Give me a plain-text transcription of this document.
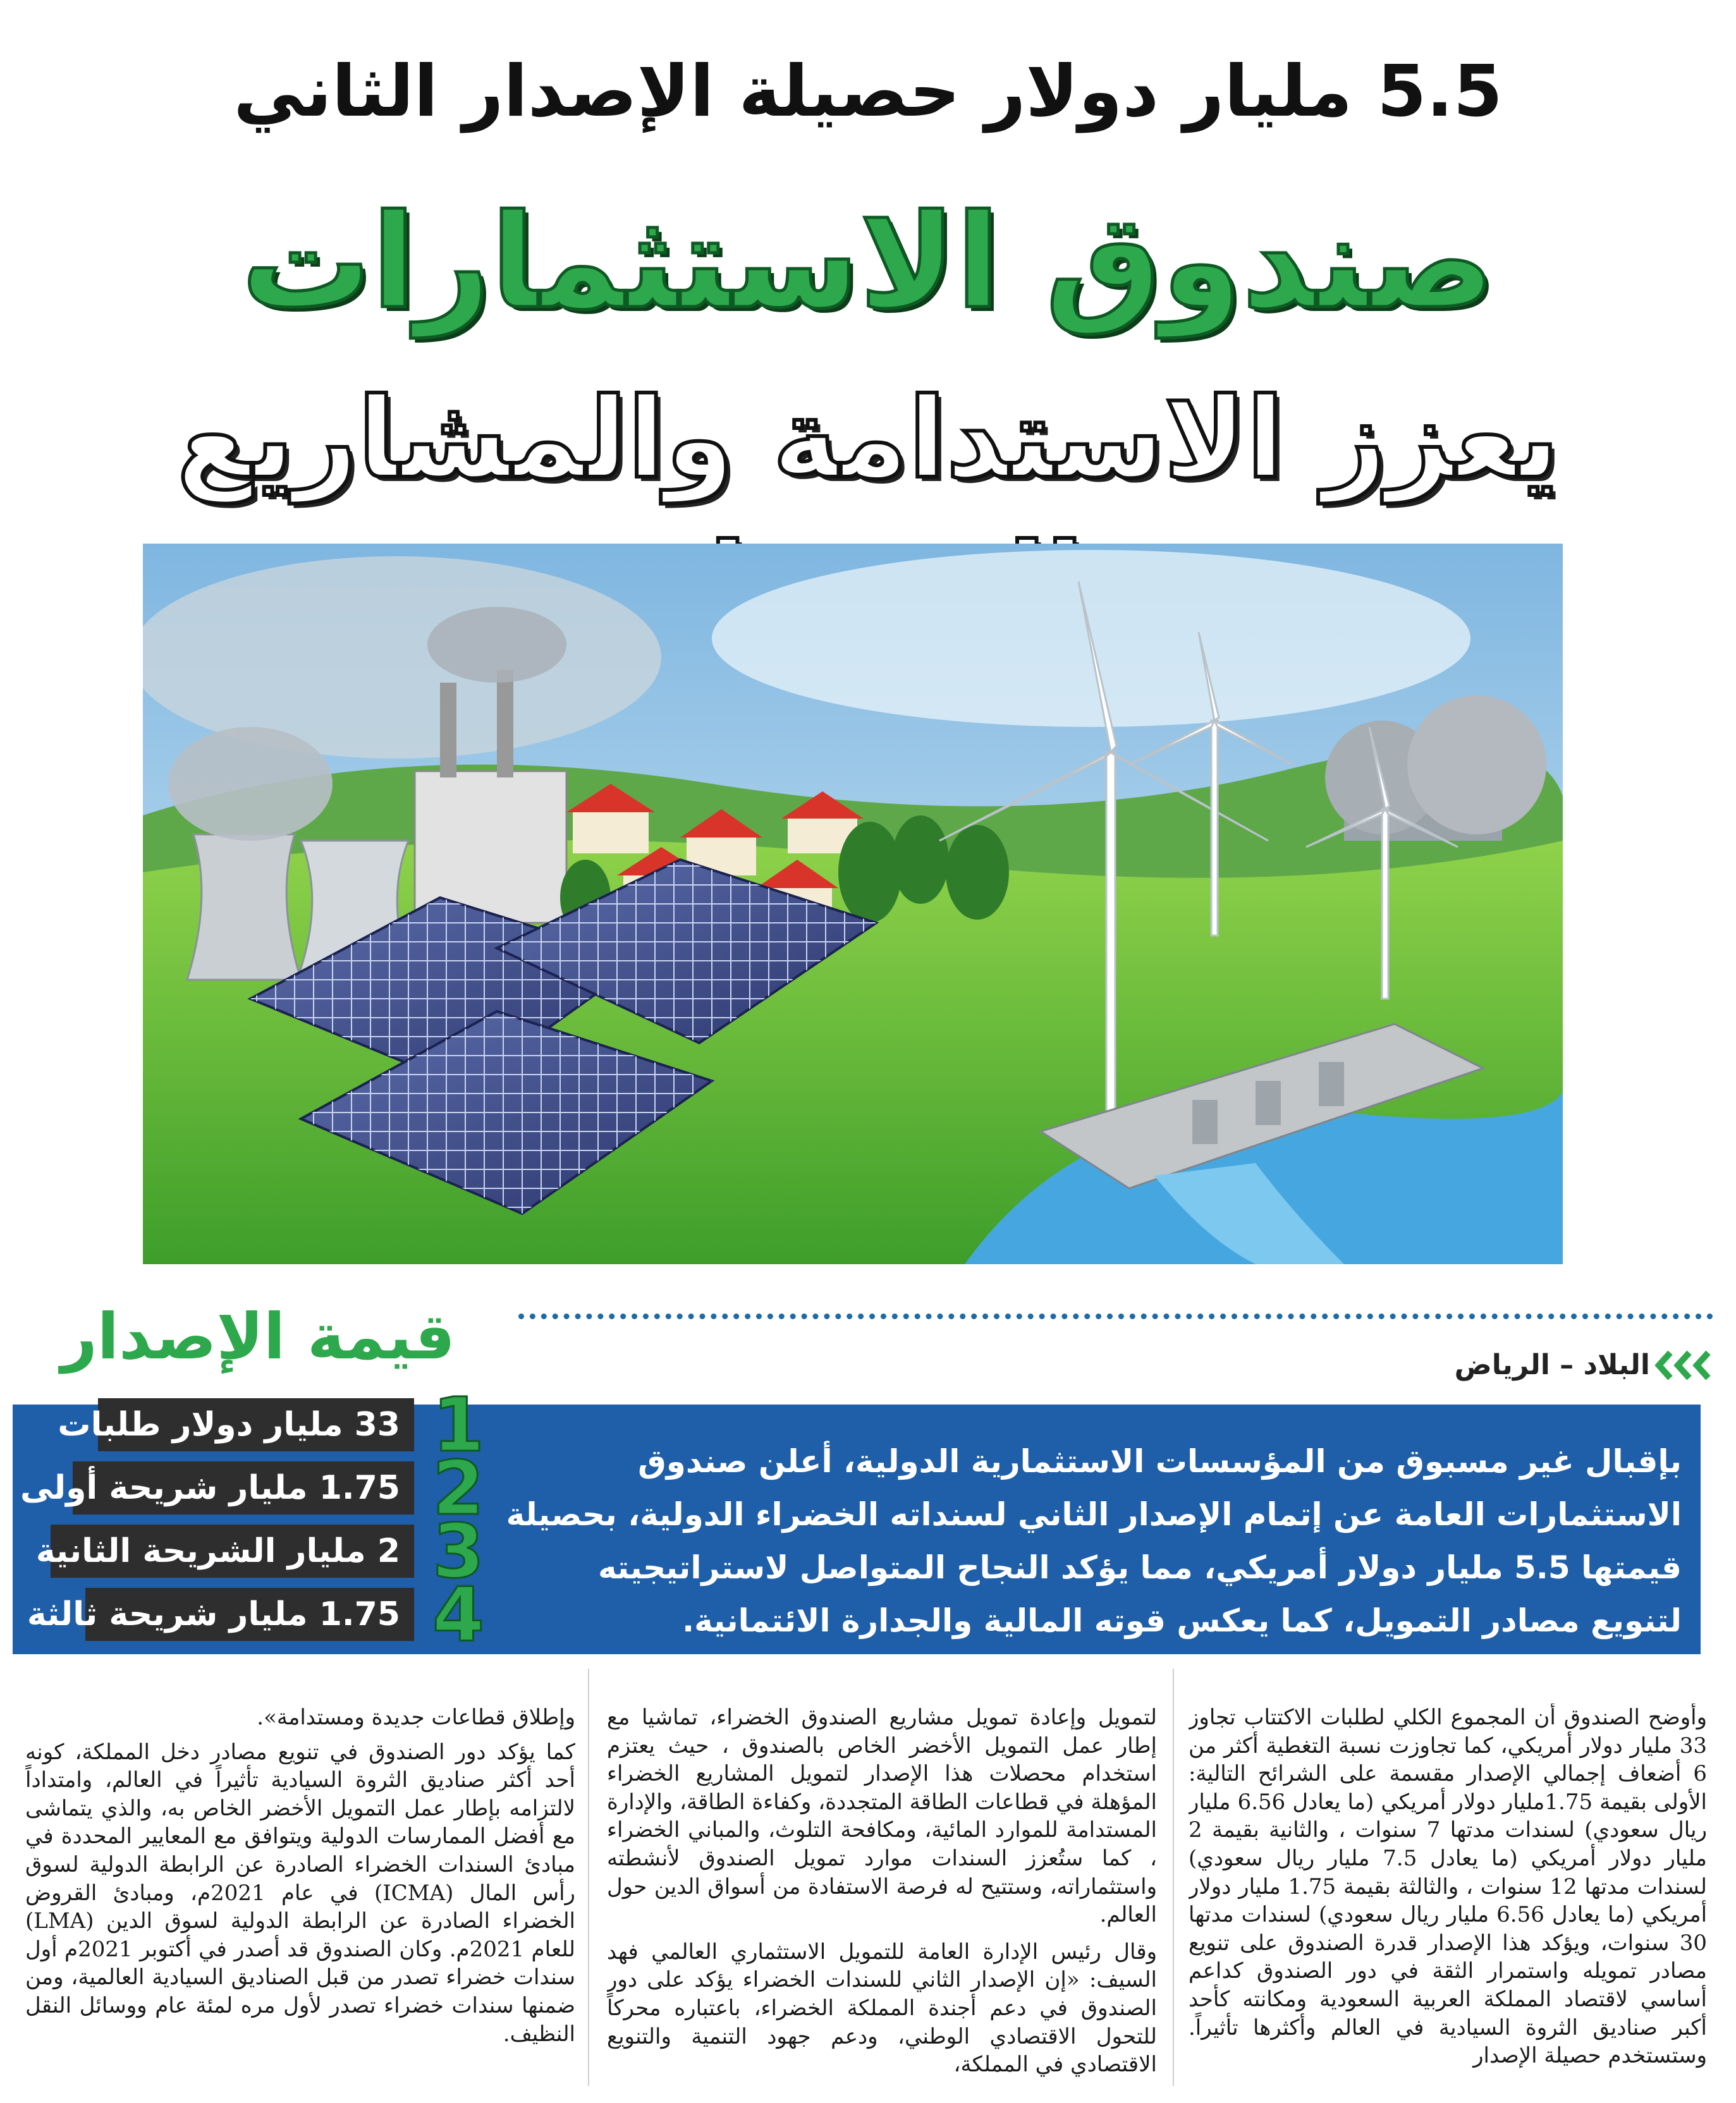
5.5 مليار دولار حصيلة الإصدار الثاني
صندوق الاستثمارات
يعزز الاستدامة والمشاريع
قيمة الإصدار	البلاد – الرياض
بإقبال غير مسبوق من المؤسسات الاستثمارية الدولية، أعلن صندوق الاستثمارات العامة عن إتمام الإصدار الثاني لسنداته الخضراء الدولية، بحصيلة قيمتها 5.5 مليار دولار أمريكي، مما يؤكد النجاح المتواصل لاستراتيجيته لتنويع مصادر التمويل، كما يعكس قوته المالية والجدارة الائتمانية.
33 مليار دولار طلبات 1
1.75 مليار شريحة أولى 2
2 مليار الشريحة الثانية 3
1.75 مليار شريحة ثالثة 4

وأوضح الصندوق أن المجموع الكلي لطلبات الاكتتاب تجاوز 33 مليار دولار أمريكي، كما تجاوزت نسبة التغطية أكثر من 6 أضعاف إجمالي الإصدار مقسمة على الشرائح التالية: الأولى بقيمة 1.75مليار دولار أمريكي (ما يعادل 6.56 مليار ريال سعودي) لسندات مدتها 7 سنوات ، والثانية بقيمة 2 مليار دولار أمريكي (ما يعادل 7.5 مليار ريال سعودي) لسندات مدتها 12 سنوات ، والثالثة بقيمة 1.75 مليار دولار أمريكي (ما يعادل 6.56 مليار ريال سعودي) لسندات مدتها 30 سنوات، ويؤكد هذا الإصدار قدرة الصندوق على تنويع مصادر تمويله واستمرار الثقة في دور الصندوق كداعم أساسي لاقتصاد المملكة العربية السعودية ومكانته كأحد أكبر صناديق الثروة السيادية في العالم وأكثرها تأثيراً. وستستخدم حصيلة الإصدار

لتمويل وإعادة تمويل مشاريع الصندوق الخضراء، تماشيا مع إطار عمل التمويل الأخضر الخاص بالصندوق ، حيث يعتزم استخدام محصلات هذا الإصدار لتمويل المشاريع الخضراء المؤهلة في قطاعات الطاقة المتجددة، وكفاءة الطاقة، والإدارة المستدامة للموارد المائية، ومكافحة التلوث، والمباني الخضراء ، كما ستُعزز السندات موارد تمويل الصندوق لأنشطته واستثماراته، وستتيح له فرصة الاستفادة من أسواق الدين حول العالم.

وقال رئيس الإدارة العامة للتمويل الاستثماري العالمي فهد السيف: «إن الإصدار الثاني للسندات الخضراء يؤكد على دور الصندوق في دعم أجندة المملكة الخضراء، باعتباره محركاً للتحول الاقتصادي الوطني، ودعم جهود التنمية والتنويع الاقتصادي في المملكة،

وإطلاق قطاعات جديدة ومستدامة».

كما يؤكد دور الصندوق في تنويع مصادر دخل المملكة، كونه أحد أكثر صناديق الثروة السيادية تأثيراً في العالم، وامتداداً لالتزامه بإطار عمل التمويل الأخضر الخاص به، والذي يتماشى مع أفضل الممارسات الدولية ويتوافق مع المعايير المحددة في مبادئ السندات الخضراء الصادرة عن الرابطة الدولية لسوق رأس المال (ICMA) في عام 2021م، ومبادئ القروض الخضراء الصادرة عن الرابطة الدولية لسوق الدين (LMA) للعام 2021م. وكان الصندوق قد أصدر في أكتوبر 2021م أول سندات خضراء تصدر من قبل الصناديق السيادية العالمية، ومن ضمنها سندات خضراء تصدر لأول مره لمئة عام ووسائل النقل النظيف.
